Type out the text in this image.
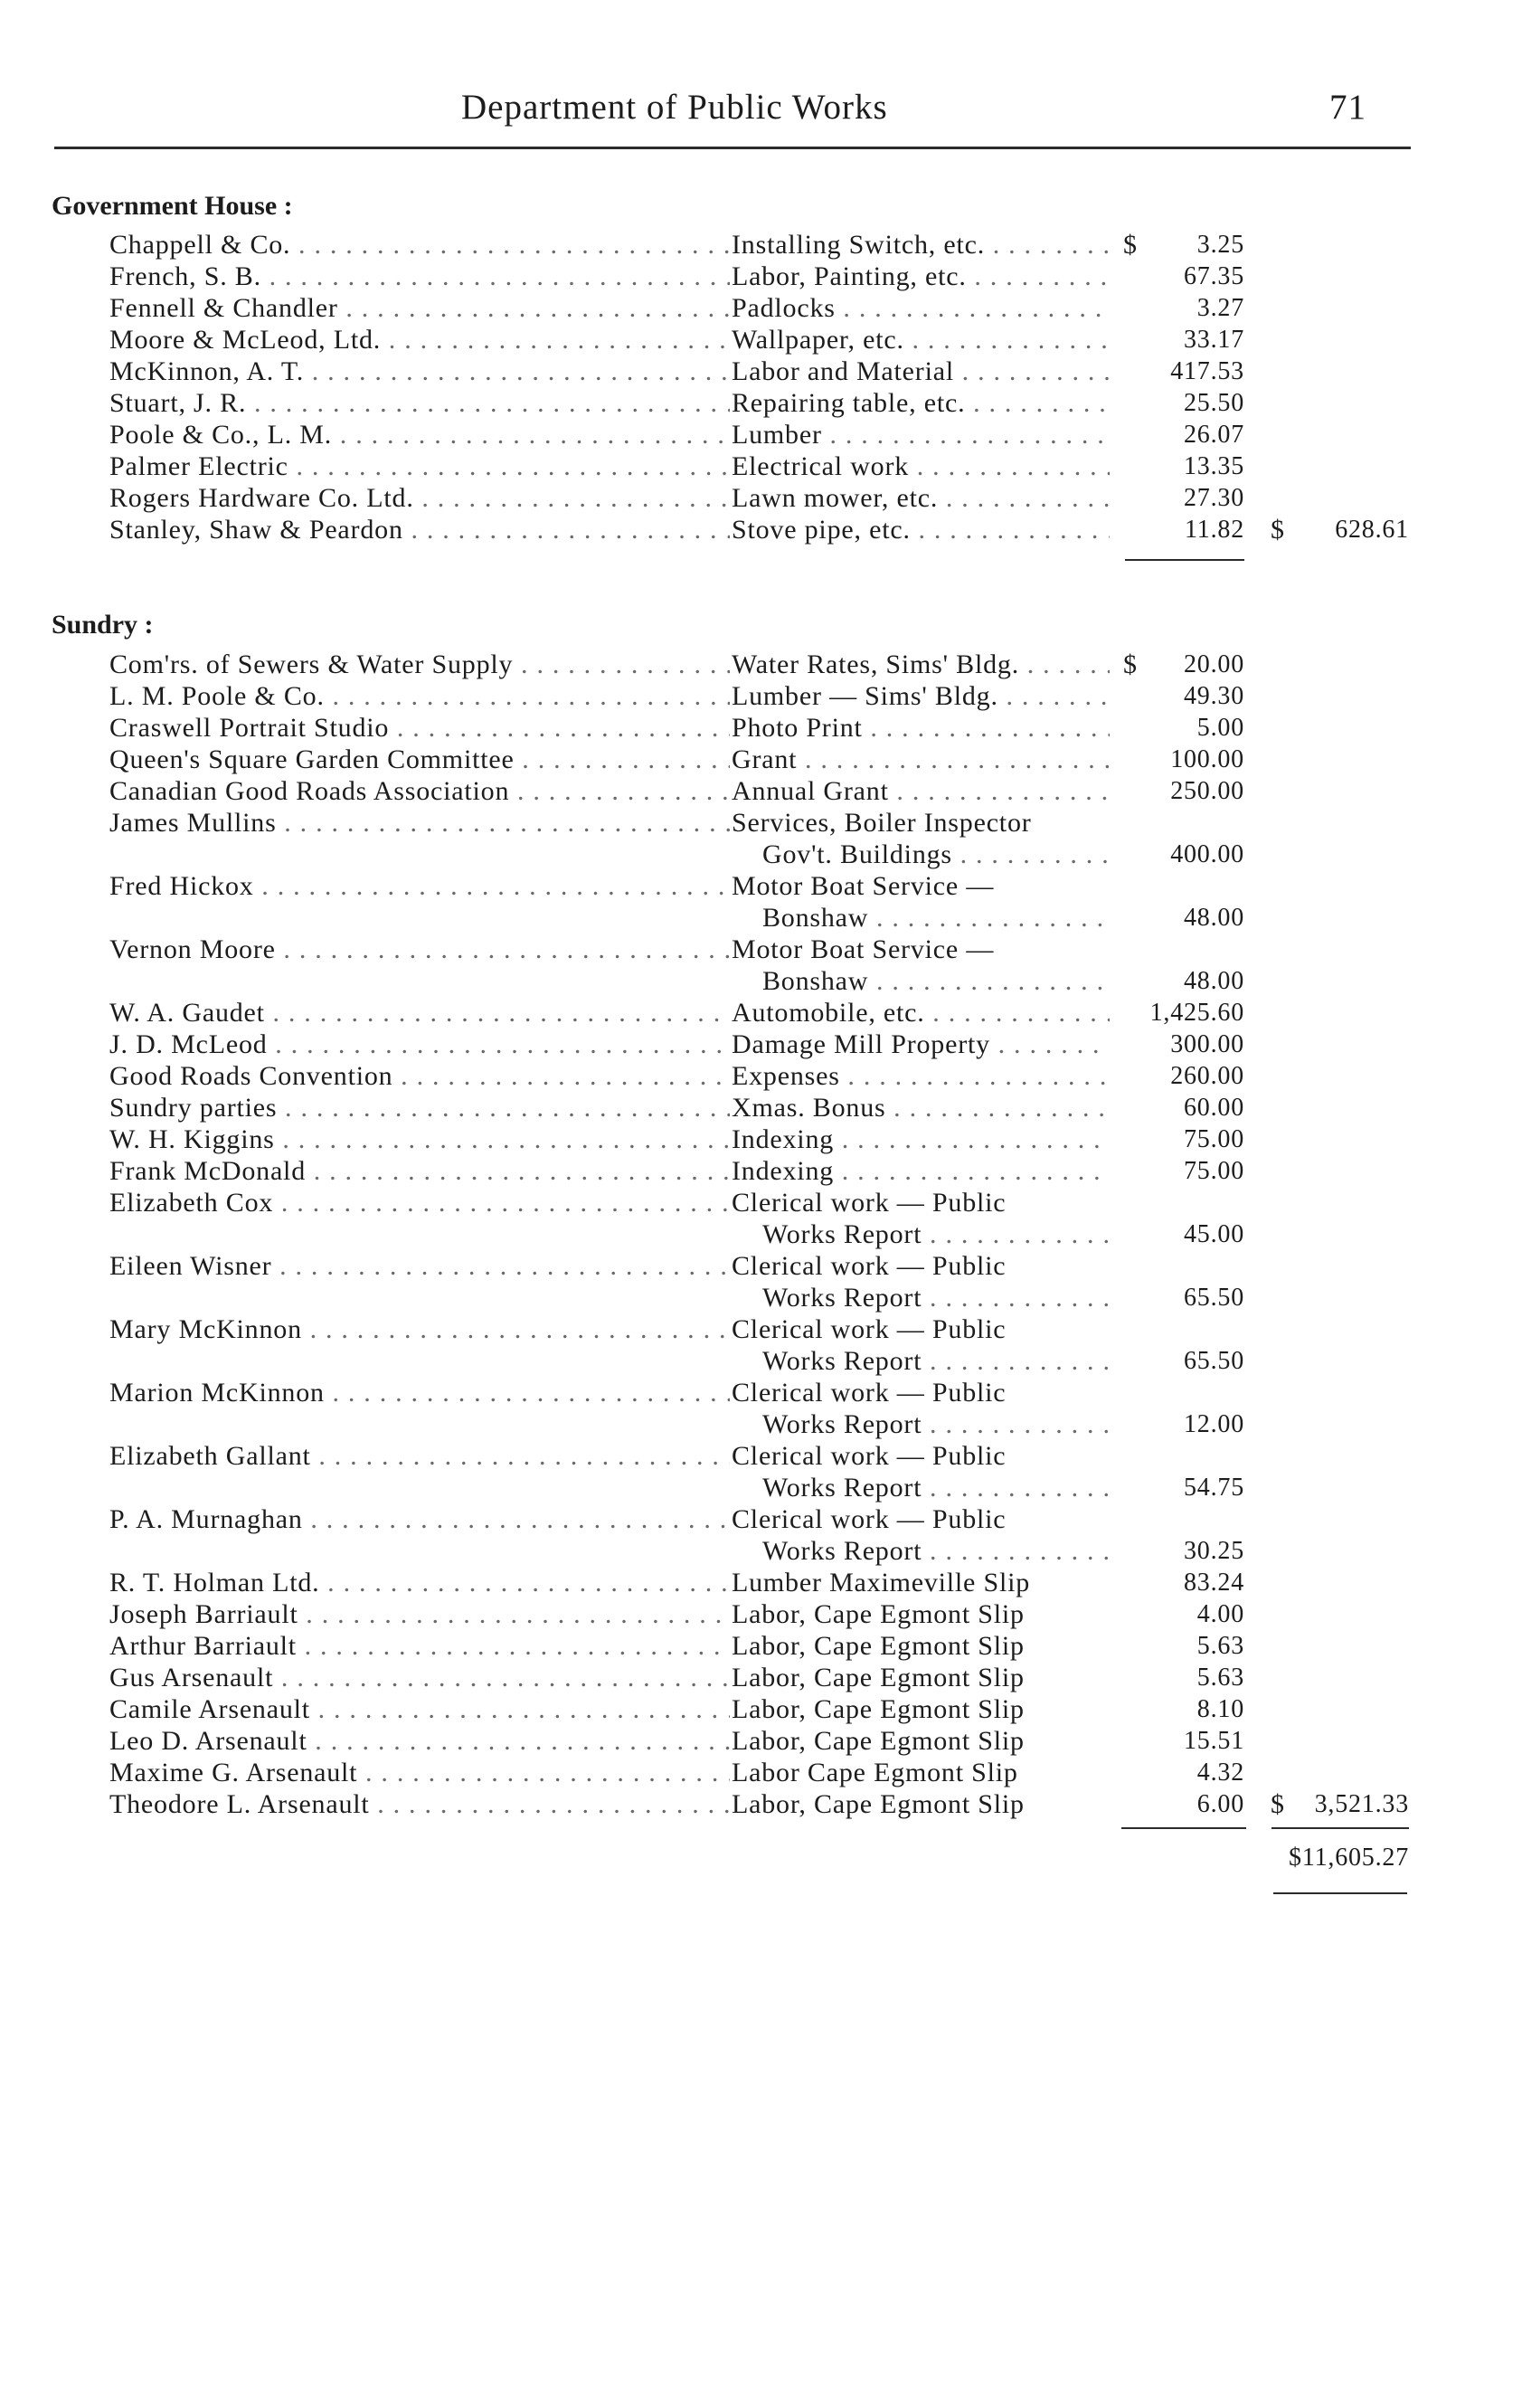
Department of Public Works	71
Government House :
Chappell & Co. . . .	Installing Switch, etc. . . .	$ 3.25
French, S. B. . . .	Labor, Painting, etc. . . .	67.35
Fennell & Chandler . . .	Padlocks . . .	3.27
Moore & McLeod, Ltd. . . .	Wallpaper, etc. . . .	33.17
McKinnon, A. T. . . .	Labor and Material . . .	417.53
Stuart, J. R. . . .	Repairing table, etc. . . .	25.50
Poole & Co., L. M. . . .	Lumber . . .	26.07
Palmer Electric . . .	Electrical work . . .	13.35
Rogers Hardware Co. Ltd. . . .	Lawn mower, etc. . . .	27.30
Stanley, Shaw & Peardon . . .	Stove pipe, etc. . . .	11.82 $ 628.61
Sundry :
Com'rs. of Sewers & Water Supply . . .	Water Rates, Sims' Bldg. . . .	$ 20.00
L. M. Poole & Co. . . .	Lumber — Sims' Bldg. . . .	49.30
Craswell Portrait Studio . . .	Photo Print . . .	5.00
Queen's Square Garden Committee . . .	Grant . . .	100.00
Canadian Good Roads Association . . .	Annual Grant . . .	250.00
James Mullins . . .	Services, Boiler Inspector
Gov't. Buildings . . .	400.00
Fred Hickox . . .	Motor Boat Service —
Bonshaw . . .	48.00
Vernon Moore . . .	Motor Boat Service —
Bonshaw . . .	48.00
W. A. Gaudet . . .	Automobile, etc. . . .	1,425.60
J. D. McLeod . . .	Damage Mill Property . . .	300.00
Good Roads Convention . . .	Expenses . . .	260.00
Sundry parties . . .	Xmas. Bonus . . .	60.00
W. H. Kiggins . . .	Indexing . . .	75.00
Frank McDonald . . .	Indexing . . .	75.00
Elizabeth Cox . . .	Clerical work — Public
Works Report . . .	45.00
Eileen Wisner . . .	Clerical work — Public
Works Report . . .	65.50
Mary McKinnon . . .	Clerical work — Public
Works Report . . .	65.50
Marion McKinnon . . .	Clerical work — Public
Works Report . . .	12.00
Elizabeth Gallant . . .	Clerical work — Public
Works Report . . .	54.75
P. A. Murnaghan . . .	Clerical work — Public
Works Report . . .	30.25
R. T. Holman Ltd. . . .	Lumber Maximeville Slip	83.24
Joseph Barriault . . .	Labor, Cape Egmont Slip	4.00
Arthur Barriault . . .	Labor, Cape Egmont Slip	5.63
Gus Arsenault . . .	Labor, Cape Egmont Slip	5.63
Camile Arsenault . . .	Labor, Cape Egmont Slip	8.10
Leo D. Arsenault . . .	Labor, Cape Egmont Slip	15.51
Maxime G. Arsenault . . .	Labor Cape Egmont Slip	4.32
Theodore L. Arsenault . . .	Labor, Cape Egmont Slip	6.00 $ 3,521.33
$11,605.27
